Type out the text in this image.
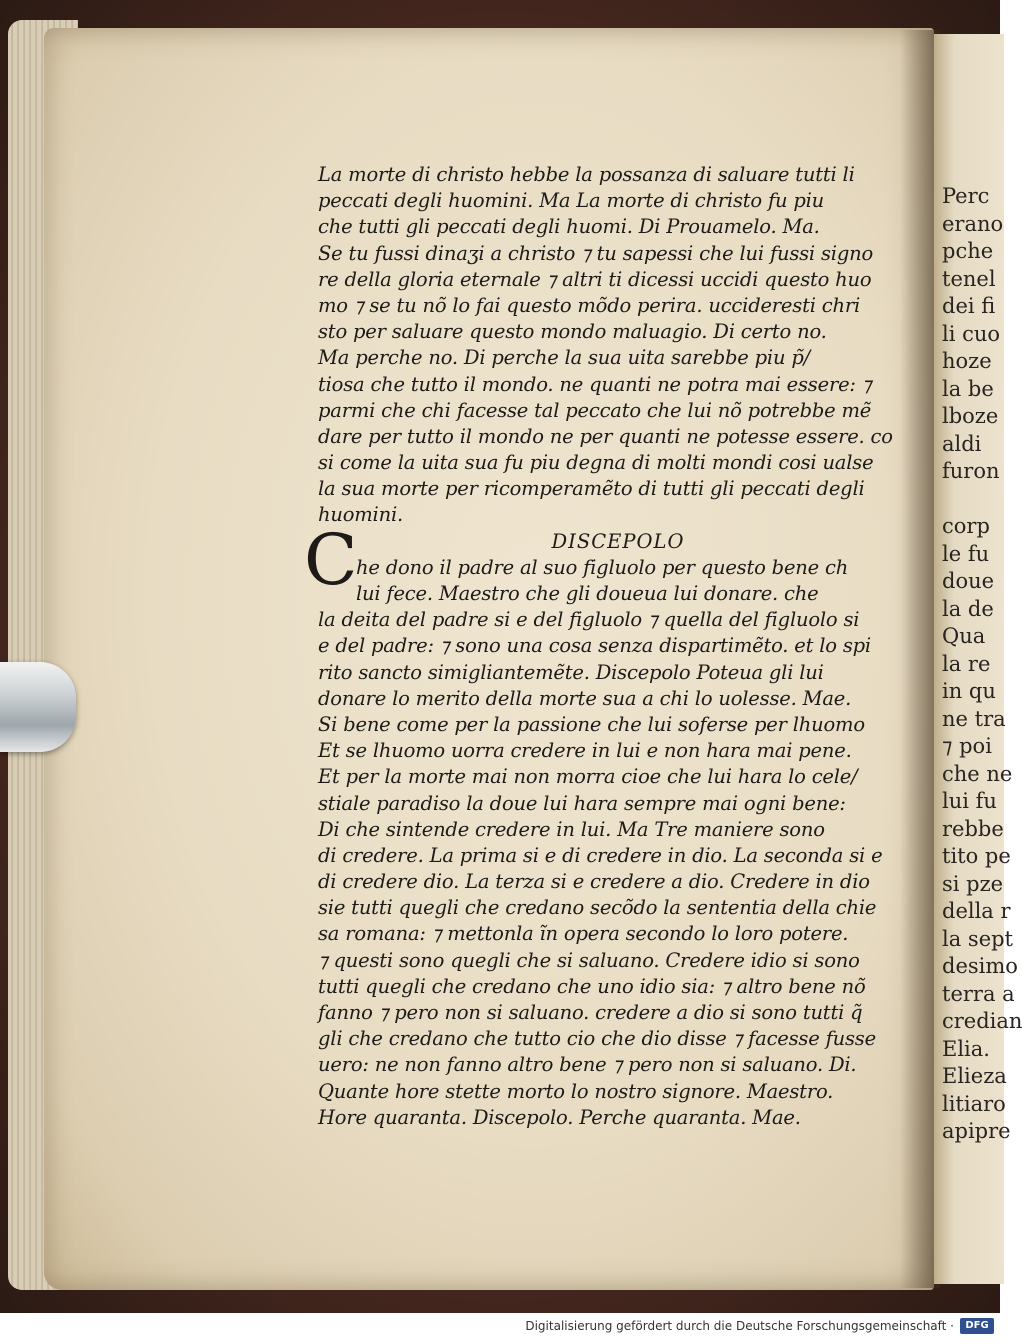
Perc
erano
pche
tenel
dei fi
li cuo
hoze
la be
lboze
aldi
furon
corp
le fu
doue
la de
Qua
la re
in qu
ne tra
⁊ poi
che ne
lui fu
rebbe
tito pe
si pze
della r
la sept
desimo
terra a
credian
Elia.
Elieza
litiaro
apipre
La morte di christo hebbe la possanza di saluare tutti li
peccati degli huomini. Ma La morte di christo fu piu
che tutti gli peccati degli huomi. Di Prouamelo. Ma.
Se tu fussi dinaʒi a christo ⁊ tu sapessi che lui fussi signo
re della gloria eternale ⁊ altri ti dicessi uccidi questo huo
mo ⁊ se tu nõ lo fai questo mõdo perira. uccideresti chri
sto per saluare questo mondo maluagio. Di certo no.
Ma perche no. Di perche la sua uita sarebbe piu p̃/
tiosa che tutto il mondo. ne quanti ne potra mai essere: ⁊
parmi che chi facesse tal peccato che lui nõ potrebbe mẽ
dare per tutto il mondo ne per quanti ne potesse essere. co
si come la uita sua fu piu degna di molti mondi cosi ualse
la sua morte per ricomperamẽto di tutti gli peccati degli
huomini.
DISCEPOLO
C
he dono il padre al suo figluolo per questo bene ch
lui fece. Maestro che gli doueua lui donare. che
la deita del padre si e del figluolo ⁊ quella del figluolo si
e del padre: ⁊ sono una cosa senza dispartimẽto. et lo spi
rito sancto simigliantemẽte. Discepolo Poteua gli lui
donare lo merito della morte sua a chi lo uolesse. Mae.
Si bene come per la passione che lui soferse per lhuomo
Et se lhuomo uorra credere in lui e non hara mai pene.
Et per la morte mai non morra cioe che lui hara lo cele/
stiale paradiso la doue lui hara sempre mai ogni bene:
Di che sintende credere in lui. Ma Tre maniere sono
di credere. La prima si e di credere in dio. La seconda si e
di credere dio. La terza si e credere a dio. Credere in dio
sie tutti quegli che credano secõdo la sententia della chie
sa romana: ⁊ mettonla ĩn opera secondo lo loro potere.
⁊ questi sono quegli che si saluano. Credere idio si sono
tutti quegli che credano che uno idio sia: ⁊ altro bene nõ
fanno ⁊ pero non si saluano. credere a dio si sono tutti q̃
gli che credano che tutto cio che dio disse ⁊ facesse fusse
uero: ne non fanno altro bene ⁊ pero non si saluano. Di.
Quante hore stette morto lo nostro signore. Maestro.
Hore quaranta. Discepolo. Perche quaranta. Mae.
Digitalisierung gefördert durch die Deutsche Forschungsgemeinschaft ·	DFG
